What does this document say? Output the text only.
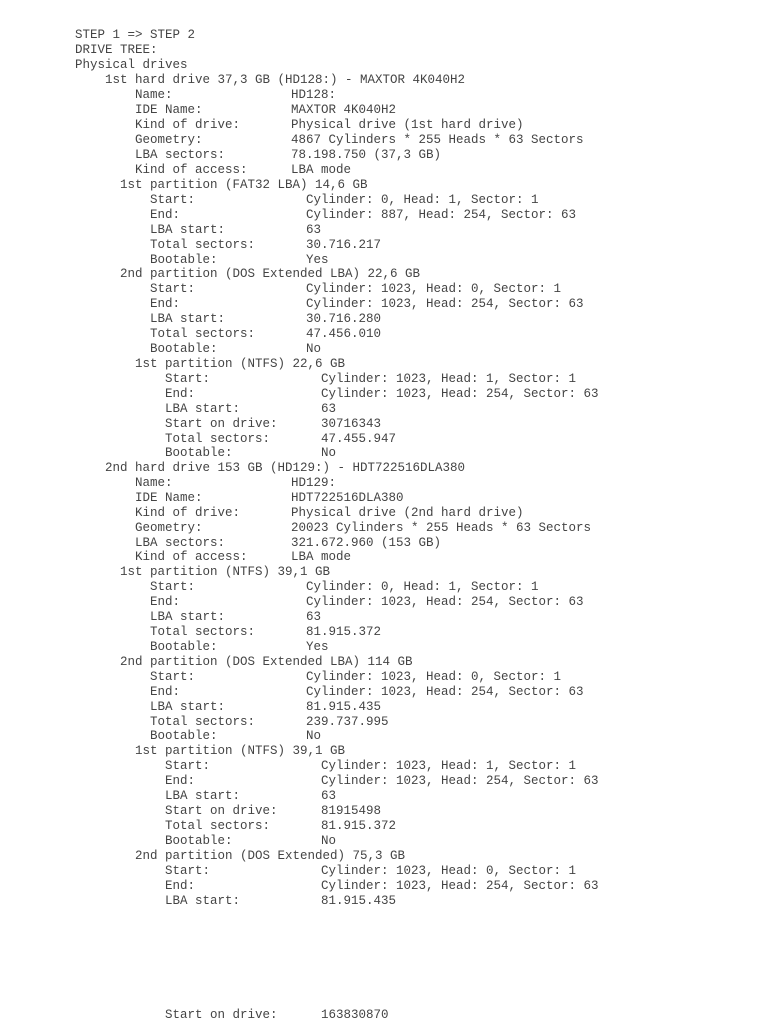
STEP 1 => STEP 2
DRIVE TREE:
Physical drives
1st hard drive 37,3 GB (HD128:) - MAXTOR 4K040H2
Name:	HD128:
IDE Name:	MAXTOR 4K040H2
Kind of drive:	Physical drive (1st hard drive)
Geometry:	4867 Cylinders * 255 Heads * 63 Sectors
LBA sectors:	78.198.750 (37,3 GB)
Kind of access:	LBA mode
1st partition (FAT32 LBA) 14,6 GB
Start:	Cylinder: 0, Head: 1, Sector: 1
End:	Cylinder: 887, Head: 254, Sector: 63
LBA start:	63
Total sectors:	30.716.217
Bootable:	Yes
2nd partition (DOS Extended LBA) 22,6 GB
Start:	Cylinder: 1023, Head: 0, Sector: 1
End:	Cylinder: 1023, Head: 254, Sector: 63
LBA start:	30.716.280
Total sectors:	47.456.010
Bootable:	No
1st partition (NTFS) 22,6 GB
Start:	Cylinder: 1023, Head: 1, Sector: 1
End:	Cylinder: 1023, Head: 254, Sector: 63
LBA start:	63
Start on drive:	30716343
Total sectors:	47.455.947
Bootable:	No
2nd hard drive 153 GB (HD129:) - HDT722516DLA380
Name:	HD129:
IDE Name:	HDT722516DLA380
Kind of drive:	Physical drive (2nd hard drive)
Geometry:	20023 Cylinders * 255 Heads * 63 Sectors
LBA sectors:	321.672.960 (153 GB)
Kind of access:	LBA mode
1st partition (NTFS) 39,1 GB
Start:	Cylinder: 0, Head: 1, Sector: 1
End:	Cylinder: 1023, Head: 254, Sector: 63
LBA start:	63
Total sectors:	81.915.372
Bootable:	Yes
2nd partition (DOS Extended LBA) 114 GB
Start:	Cylinder: 1023, Head: 0, Sector: 1
End:	Cylinder: 1023, Head: 254, Sector: 63
LBA start:	81.915.435
Total sectors:	239.737.995
Bootable:	No
1st partition (NTFS) 39,1 GB
Start:	Cylinder: 1023, Head: 1, Sector: 1
End:	Cylinder: 1023, Head: 254, Sector: 63
LBA start:	63
Start on drive:	81915498
Total sectors:	81.915.372
Bootable:	No
2nd partition (DOS Extended) 75,3 GB
Start:	Cylinder: 1023, Head: 0, Sector: 1
End:	Cylinder: 1023, Head: 254, Sector: 63
LBA start:	81.915.435
Start on drive:	163830870
